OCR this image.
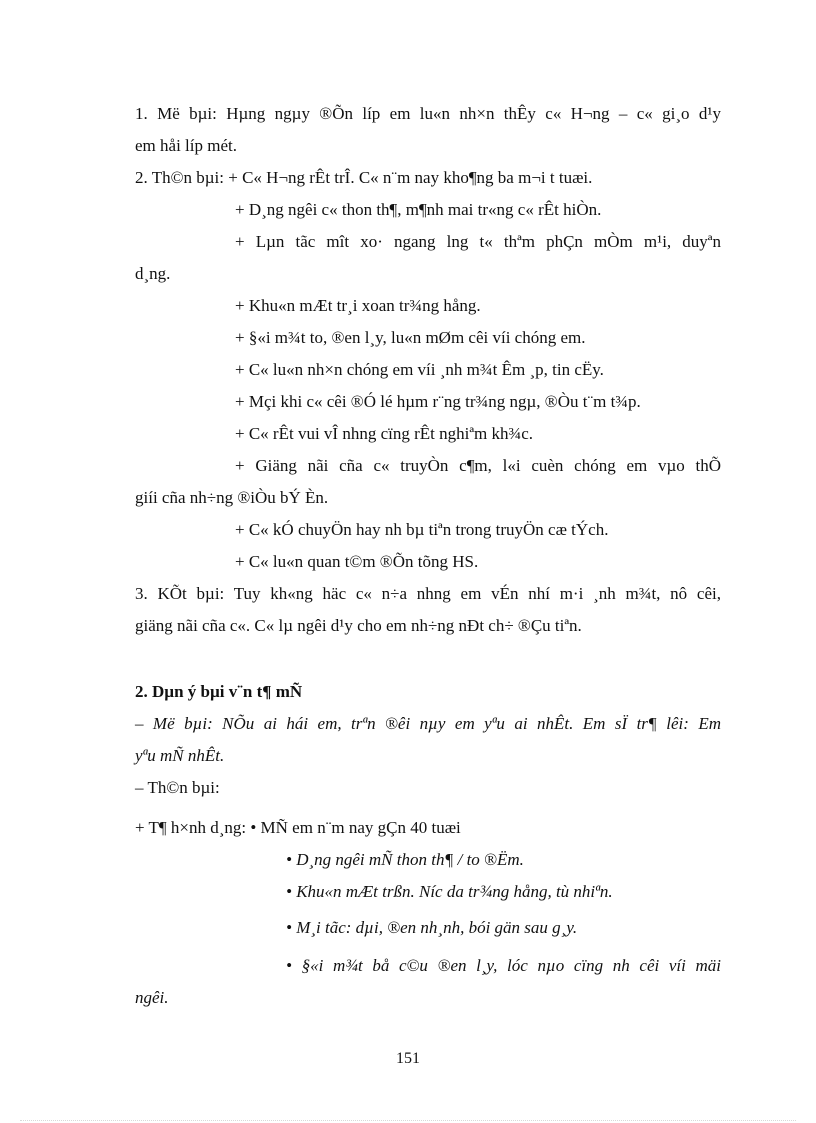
1. Më bµi: Hµng ngµy ®Õn líp em lu«n nh×n thÊy c« H¬ng – c« gi¸o d¹y
em håi líp mét.
2. Th©n bµi: + C« H¬ng rÊt trÎ. C« n¨m nay kho¶ng ba m¬i t tuæi.
+ D¸ng ngêi c« thon th¶, m¶nh mai tr«ng c« rÊt hiÒn.
+ Lµn tãc mît xo· ngang lng t« thªm phÇn mÒm m¹i, duyªn
d¸ng.
+ Khu«n mÆt tr¸i xoan tr¾ng hång.
+ §«i m¾t to, ®en l¸y, lu«n mØm cêi víi chóng em.
+ C« lu«n nh×n chóng em víi ¸nh m¾t Êm ¸p, tin cËy.
+ Mçi khi c« cêi ®Ó lé hµm r¨ng tr¾ng ngµ, ®Òu t¨m t¾p.
+ C« rÊt vui vÎ nhng cïng rÊt nghiªm kh¾c.
+ Giäng nãi cña c« truyÒn c¶m, l«i cuèn chóng em vµo thÕ
giíi cña nh÷ng ®iÒu bÝ Èn.
+ C« kÓ chuyÖn hay nh bµ tiªn trong truyÖn cæ tÝch.
+ C« lu«n quan t©m ®Õn tõng HS.
3. KÕt bµi: Tuy kh«ng häc c« n÷a nhng em vÉn nhí m·i ¸nh m¾t, nô cêi,
giäng nãi cña c«. C« lµ ngêi d¹y cho em nh÷ng nÐt ch÷ ®Çu tiªn.
2. Dµn ý bµi v¨n t¶ mÑ
– Më bµi: NÕu ai hái em, trªn ®êi nµy em yªu ai nhÊt. Em sÏ tr¶ lêi: Em
yªu mÑ nhÊt.
– Th©n bµi:
+ T¶ h×nh d¸ng: • MÑ em n¨m nay gÇn 40 tuæi
• D¸ng ngêi mÑ thon th¶ / to ®Ëm.
• Khu«n mÆt trßn. Níc da tr¾ng hång, tù nhiªn.
• M¸i tãc: dµi, ®en nh¸nh, bói gän sau g¸y.
• §«i m¾t bå c©u ®en l¸y, lóc nµo cïng nh cêi víi mäi
ngêi.
151
